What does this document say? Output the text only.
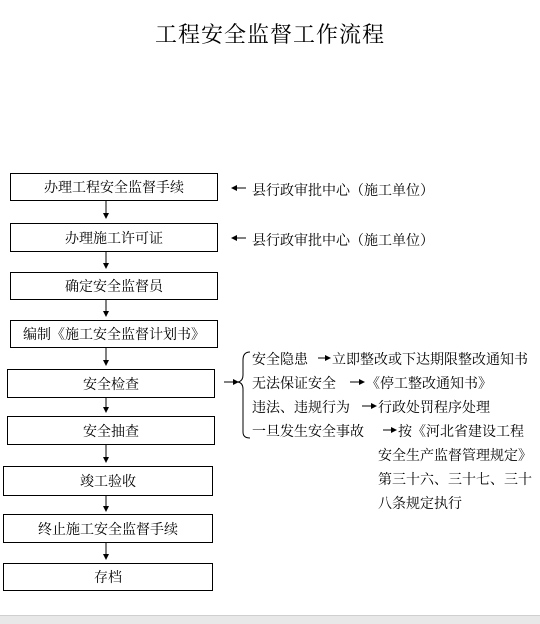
工程安全监督工作流程
办理工程安全监督手续
办理施工许可证
确定安全监督员
编制《施工安全监督计划书》
安全检查
安全抽查
竣工验收
终止施工安全监督手续
存档
县行政审批中心（施工单位）
县行政审批中心（施工单位）
安全隐患 立即整改或下达期限整改通知书
无法保证安全 《停工整改通知书》
违法、违规行为 行政处罚程序处理
一旦发生安全事故 按《河北省建设工程
安全生产监督管理规定》
第三十六、三十七、三十
八条规定执行
